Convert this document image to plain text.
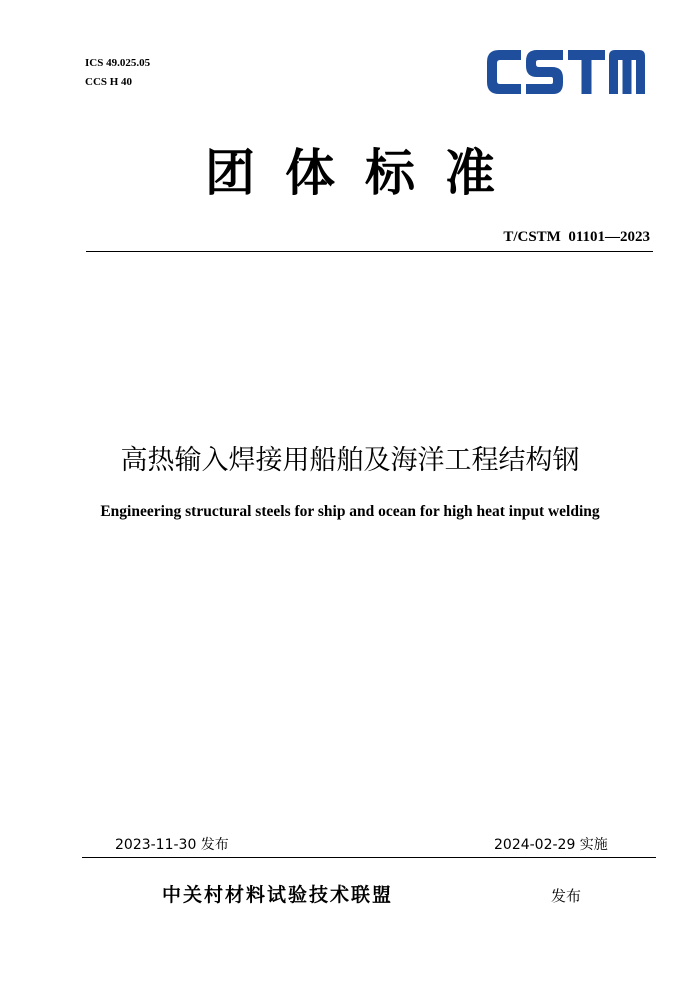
ICS 49.025.05
CCS H 40
团体标准
T/CSTM  01101—2023
高热输入焊接用船舶及海洋工程结构钢
Engineering structural steels for ship and ocean for high heat input welding
2023-11-30 发布	2024-02-29 实施
中关村材料试验技术联盟	发布
